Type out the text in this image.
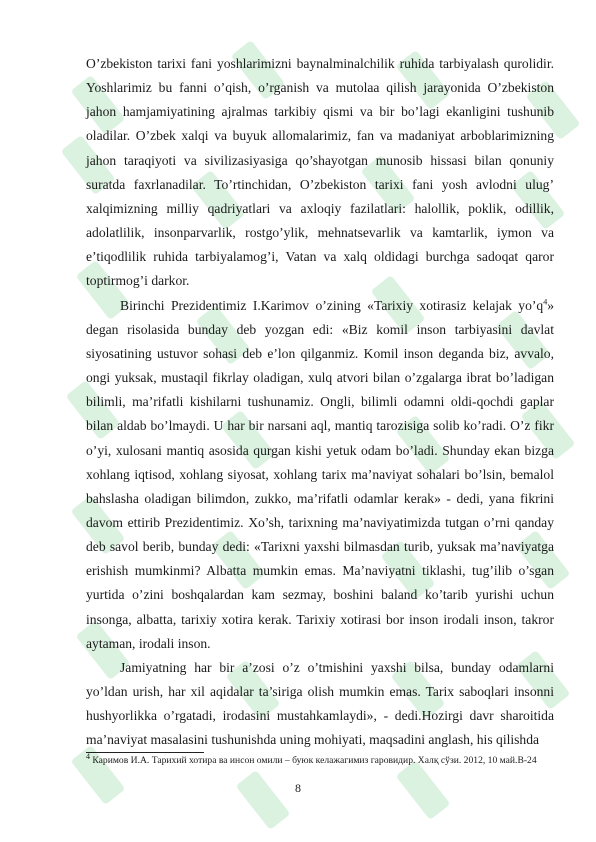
O’zbekiston tarixi fani yoshlarimizni baynalminalchilik ruhida tarbiyalash qurolidir. Yoshlarimiz bu fanni o’qish, o’rganish va mutolaa qilish jarayonida O’zbekiston jahon hamjamiyatining ajralmas tarkibiy qismi va bir bo’lagi ekanligini tushunib oladilar. O’zbek xalqi va buyuk allomalarimiz, fan va madaniyat arboblarimizning jahon taraqiyoti va sivilizasiyasiga qo’shayotgan munosib hissasi bilan qonuniy suratda faxrlanadilar. To’rtinchidan, O’zbekiston tarixi fani yosh avlodni ulug’ xalqimizning milliy qadriyatlari va axloqiy fazilatlari: halollik, poklik, odillik, adolatlilik, insonparvarlik, rostgo’ylik, mehnatsevarlik va kamtarlik, iymon va e’tiqodlilik ruhida tarbiyalamog’i, Vatan va xalq oldidagi burchga sadoqat qaror toptirmog’i darkor.

Birinchi Prezidentimiz I.Karimov o’zining «Tarixiy xotirasiz kelajak $yo’q^4$» degan risolasida bunday deb yozgan edi: «Biz komil inson tarbiyasini davlat siyosatining ustuvor sohasi deb e’lon qilganmiz. Komil inson deganda biz, avvalo, ongi yuksak, mustaqil fikrlay oladigan, xulq atvori bilan o’zgalarga ibrat bo’ladigan bilimli, ma’rifatli kishilarni tushunamiz. Ongli, bilimli odamni oldi-qochdi gaplar bilan aldab bo’lmaydi. U har bir narsani aql, mantiq tarozisiga solib ko’radi. O’z fikr o’yi, xulosani mantiq asosida qurgan kishi yetuk odam bo’ladi. Shunday ekan bizga xohlang iqtisod, xohlang siyosat, xohlang tarix ma’naviyat sohalari bo’lsin, bemalol bahslasha oladigan bilimdon, zukko, ma’rifatli odamlar kerak» - dedi, yana fikrini davom ettirib Prezidentimiz. Xo’sh, tarixning ma’naviyatimizda tutgan o’rni qanday deb savol berib, bunday dedi: «Tarixni yaxshi bilmasdan turib, yuksak ma’naviyatga erishish mumkinmi? Albatta mumkin emas. Ma’naviyatni tiklashi, tug’ilib o’sgan yurtida o’zini boshqalardan kam sezmay, boshini baland ko’tarib yurishi uchun insonga, albatta, tarixiy xotira kerak. Tarixiy xotirasi bor inson irodali inson, takror aytaman, irodali inson.

Jamiyatning har bir a’zosi o’z o’tmishini yaxshi bilsa, bunday odamlarni yo’ldan urish, har xil aqidalar ta’siriga olish mumkin emas. Tarix saboqlari insonni hushyorlikka o’rgatadi, irodasini mustahkamlaydi», - dedi.Hozirgi davr sharoitida ma’naviyat masalasini tushunishda uning mohiyati, maqsadini anglash, his qilishda

$^4$ Каримов И.А. Тарихий хотира ва инсон омили – буюк келажагимиз гаровидир. Халқ сўзи. 2012, 10 май.В-24
8
